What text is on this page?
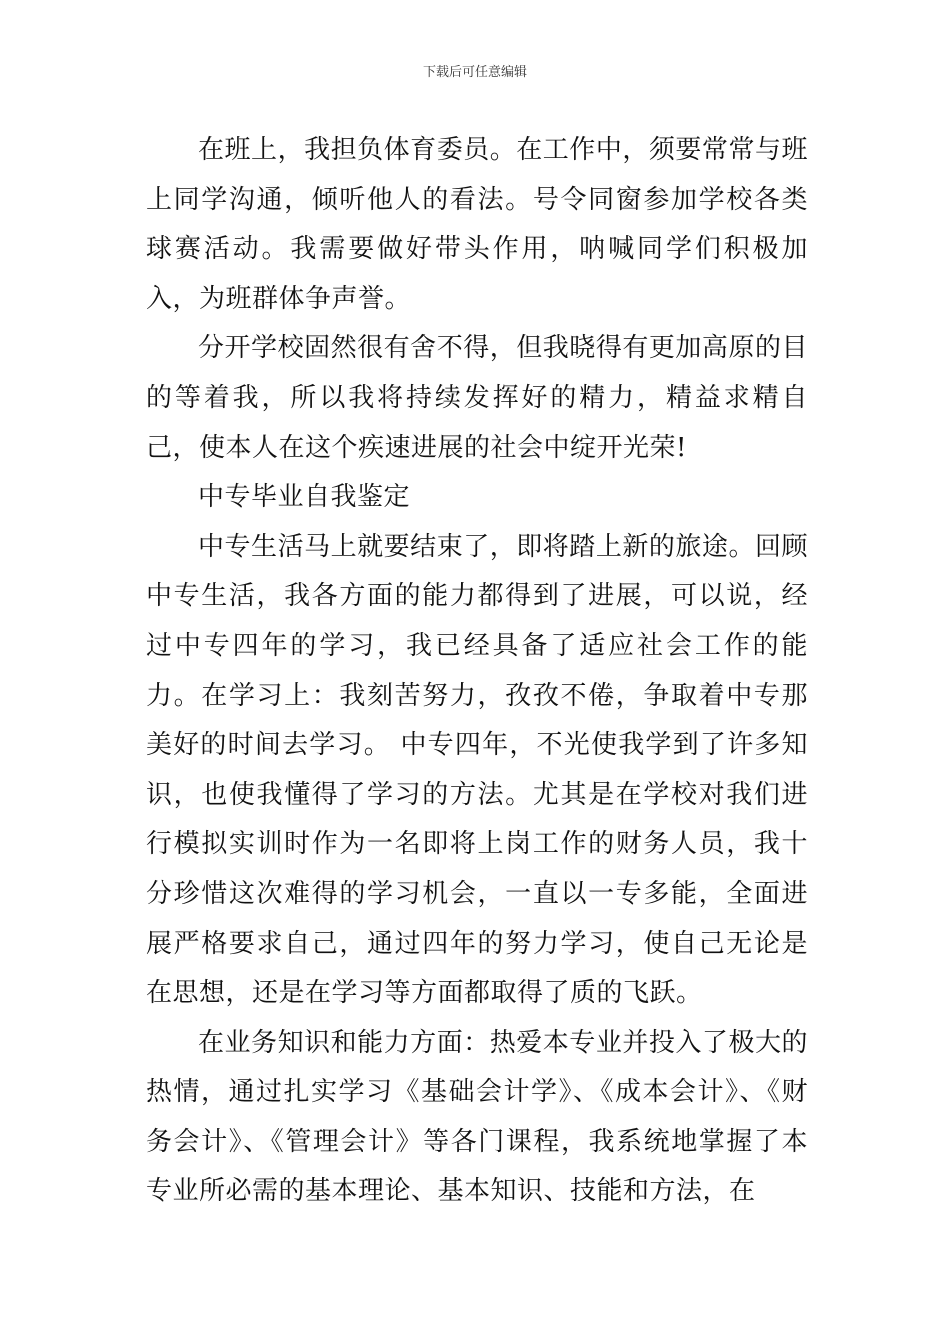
下载后可任意编辑

在班上，我担负体育委员。在工作中，须要常常与班上同学沟通，倾听他人的看法。号令同窗参加学校各类球赛活动。我需要做好带头作用，呐喊同学们积极加入，为班群体争声誉。

分开学校固然很有舍不得，但我晓得有更加高原的目的等着我，所以我将持续发挥好的精力，精益求精自己，使本人在这个疾速进展的社会中绽开光荣!

中专毕业自我鉴定

中专生活马上就要结束了，即将踏上新的旅途。回顾中专生活，我各方面的能力都得到了进展，可以说，经过中专四年的学习，我已经具备了适应社会工作的能力。在学习上：我刻苦努力，孜孜不倦，争取着中专那美好的时间去学习。 中专四年，不光使我学到了许多知识，也使我懂得了学习的方法。尤其是在学校对我们进行模拟实训时作为一名即将上岗工作的财务人员，我十分珍惜这次难得的学习机会，一直以一专多能，全面进展严格要求自己，通过四年的努力学习，使自己无论是在思想，还是在学习等方面都取得了质的飞跃。

在业务知识和能力方面：热爱本专业并投入了极大的热情，通过扎实学习《基础会计学》、《成本会计》、《财务会计》、《管理会计》等各门课程，我系统地掌握了本专业所必需的基本理论、基本知识、技能和方法，在
